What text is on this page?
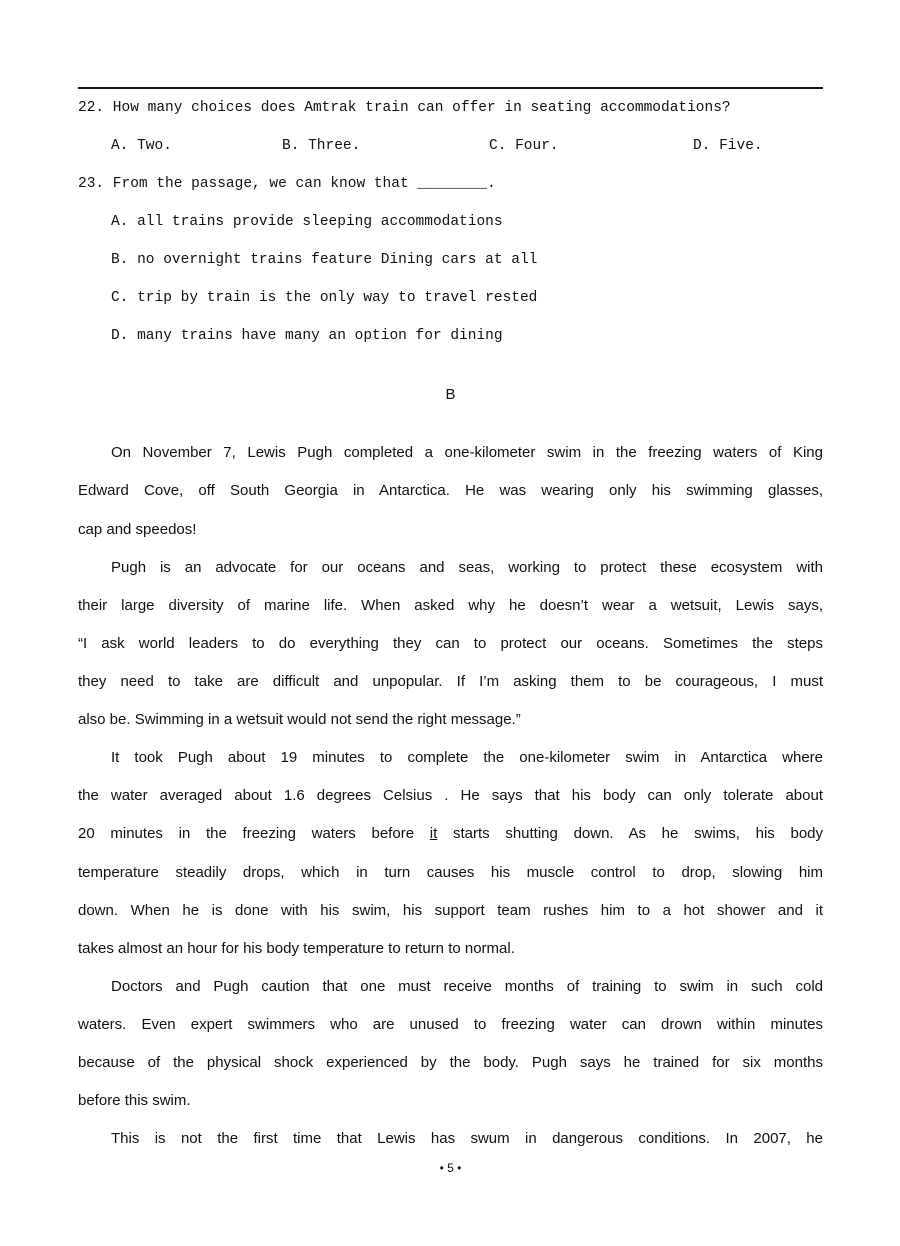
22. How many choices does Amtrak train can offer in seating accommodations?
A. Two.	B. Three.	C. Four.	D. Five.
23. From the passage, we can know that ________.
A. all trains provide sleeping accommodations
B. no overnight trains feature Dining cars at all
C. trip by train is the only way to travel rested
D. many trains have many an option for dining
B
On November 7, Lewis Pugh completed a one-kilometer swim in the freezing waters of King
Edward Cove, off South Georgia in Antarctica. He was wearing only his swimming glasses,
cap and speedos!
Pugh is an advocate for our oceans and seas, working to protect these ecosystem with
their large diversity of marine life. When asked why he doesn’t wear a wetsuit, Lewis says,
“I ask world leaders to do everything they can to protect our oceans. Sometimes the steps
they need to take are difficult and unpopular. If I’m asking them to be courageous, I must
also be. Swimming in a wetsuit would not send the right message.”
It took Pugh about 19 minutes to complete the one-kilometer swim in Antarctica where
the water averaged about 1.6 degrees Celsius . He says that his body can only tolerate about
20 minutes in the freezing waters before it starts shutting down. As he swims, his body
temperature steadily drops, which in turn causes his muscle control to drop, slowing him
down. When he is done with his swim, his support team rushes him to a hot shower and it
takes almost an hour for his body temperature to return to normal.
Doctors and Pugh caution that one must receive months of training to swim in such cold
waters. Even expert swimmers who are unused to freezing water can drown within minutes
because of the physical shock experienced by the body. Pugh says he trained for six months
before this swim.
This is not the first time that Lewis has swum in dangerous conditions. In 2007, he
• 5 •
